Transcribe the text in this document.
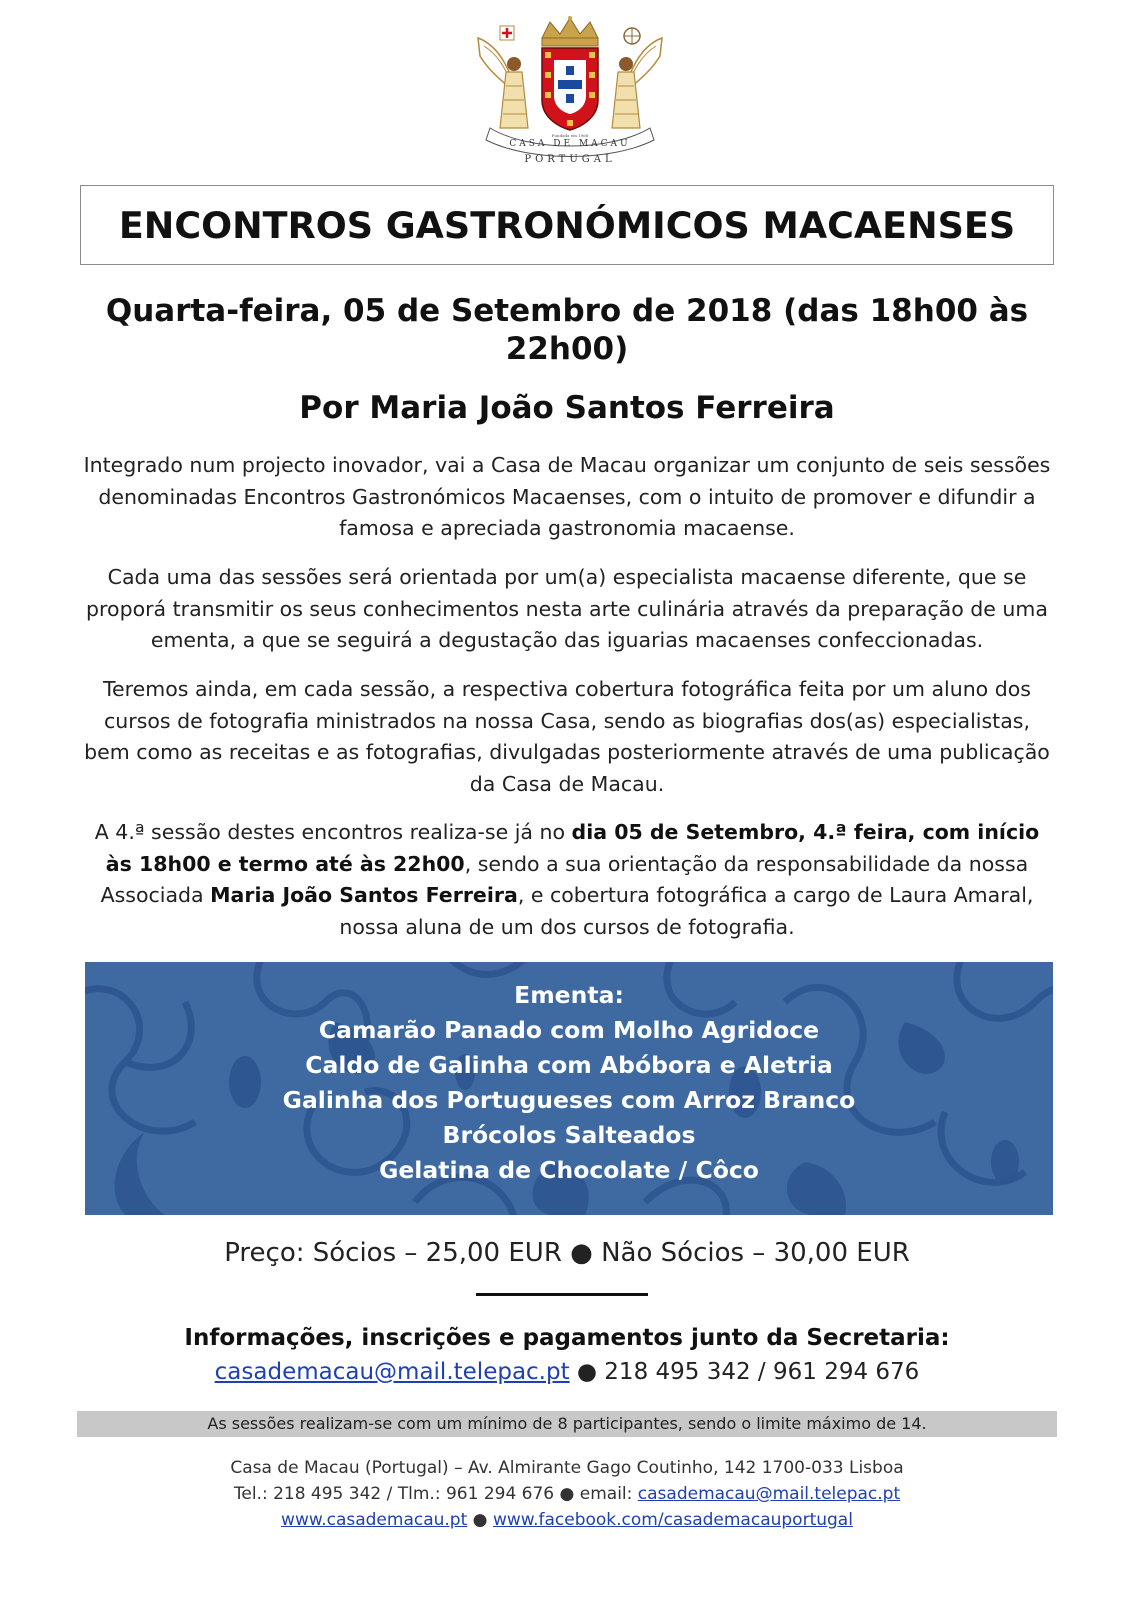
CASA DE MACAU
Fundada em 1966
PORTUGAL
ENCONTROS GASTRONÓMICOS MACAENSES
Quarta-feira, 05 de Setembro de 2018 (das 18h00 às 22h00)
Por Maria João Santos Ferreira

Integrado num projecto inovador, vai a Casa de Macau organizar um conjunto de seis sessões denominadas Encontros Gastronómicos Macaenses, com o intuito de promover e difundir a famosa e apreciada gastronomia macaense.

Cada uma das sessões será orientada por um(a) especialista macaense diferente, que se proporá transmitir os seus conhecimentos nesta arte culinária através da preparação de uma ementa, a que se seguirá a degustação das iguarias macaenses confeccionadas.

Teremos ainda, em cada sessão, a respectiva cobertura fotográfica feita por um aluno dos cursos de fotografia ministrados na nossa Casa, sendo as biografias dos(as) especialistas, bem como as receitas e as fotografias, divulgadas posteriormente através de uma publicação da Casa de Macau.

A 4.ª sessão destes encontros realiza-se já no dia 05 de Setembro, 4.ª feira, com início às 18h00 e termo até às 22h00, sendo a sua orientação da responsabilidade da nossa Associada Maria João Santos Ferreira, e cobertura fotográfica a cargo de Laura Amaral, nossa aluna de um dos cursos de fotografia.

Ementa:
Camarão Panado com Molho Agridoce
Caldo de Galinha com Abóbora e Aletria
Galinha dos Portugueses com Arroz Branco
Brócolos Salteados
Gelatina de Chocolate / Côco
Preço: Sócios – 25,00 EUR ● Não Sócios – 30,00 EUR
Informações, inscrições e pagamentos junto da Secretaria:
casademacau@mail.telepac.pt ● 218 495 342 / 961 294 676
As sessões realizam-se com um mínimo de 8 participantes, sendo o limite máximo de 14.
Casa de Macau (Portugal) – Av. Almirante Gago Coutinho, 142 1700-033 Lisboa
Tel.: 218 495 342 / Tlm.: 961 294 676 ● email: casademacau@mail.telepac.pt
www.casademacau.pt ● www.facebook.com/casademacauportugal
